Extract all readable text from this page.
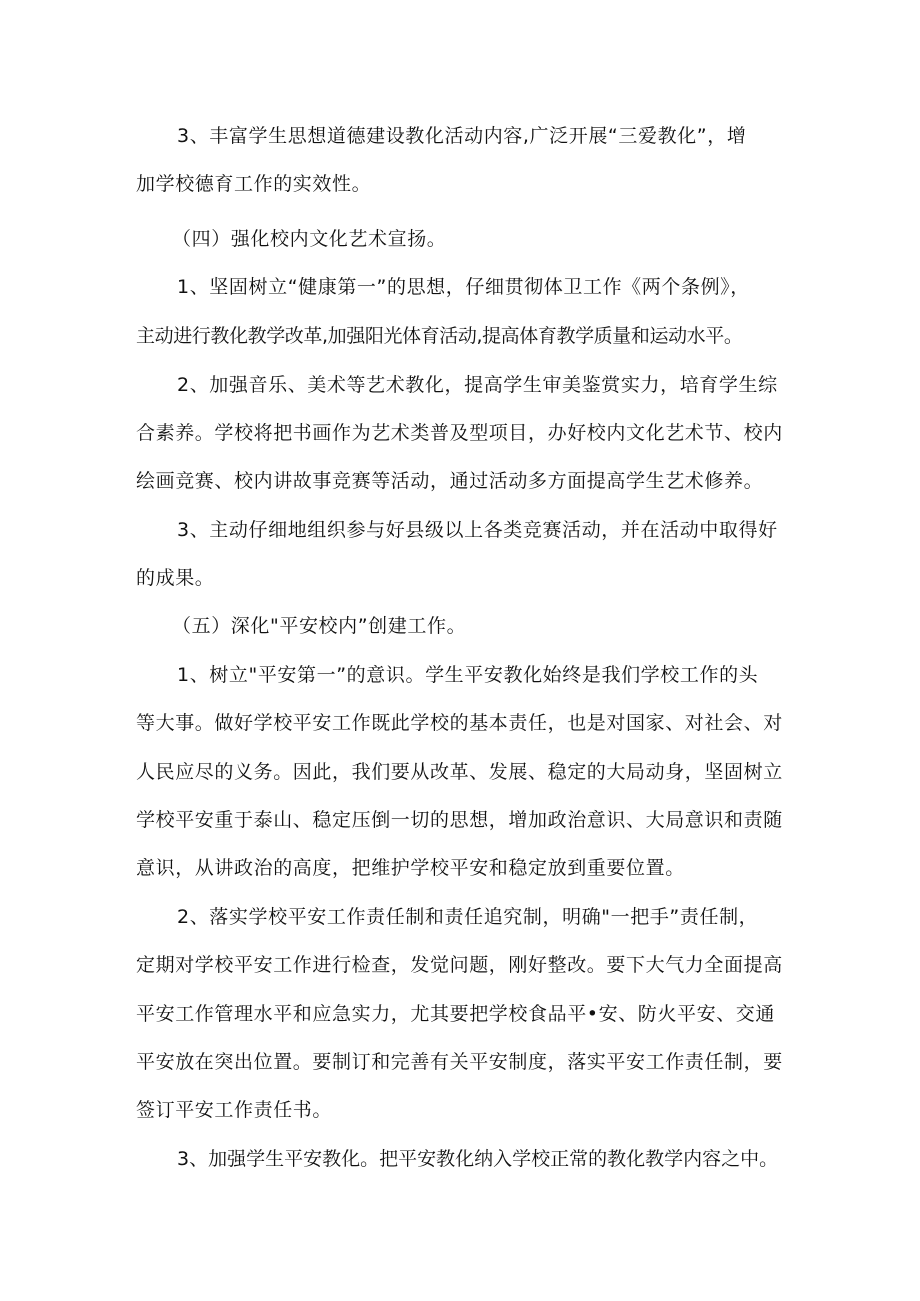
3、丰富学生思想道德建设教化活动内容,广泛开展“三爱教化”，增
加学校德育工作的实效性。
（四）强化校内文化艺术宣扬。
1、坚固树立“健康第一”的思想，仔细贯彻体卫工作《两个条例》，
主动进行教化教学改革,加强阳光体育活动,提高体育教学质量和运动水平。
2、加强音乐、美术等艺术教化，提高学生审美鉴赏实力，培育学生综
合素养。学校将把书画作为艺术类普及型项目，办好校内文化艺术节、校内
绘画竞赛、校内讲故事竞赛等活动，通过活动多方面提高学生艺术修养。
3、主动仔细地组织参与好县级以上各类竞赛活动，并在活动中取得好
的成果。
（五）深化"平安校内”创建工作。
1、树立"平安第一”的意识。学生平安教化始终是我们学校工作的头
等大事。做好学校平安工作既此学校的基本责任，也是对国家、对社会、对
人民应尽的义务。因此，我们要从改革、发展、稳定的大局动身，坚固树立
学校平安重于泰山、稳定压倒一切的思想，增加政治意识、大局意识和责随
意识，从讲政治的高度，把维护学校平安和稳定放到重要位置。
2、落实学校平安工作责任制和责任追究制，明确"一把手”责任制，
定期对学校平安工作进行检查，发觉问题，刚好整改。要下大气力全面提高
平安工作管理水平和应急实力，尤其要把学校食品平•安、防火平安、交通
平安放在突出位置。要制订和完善有关平安制度，落实平安工作责任制，要
签订平安工作责任书。
3、加强学生平安教化。把平安教化纳入学校正常的教化教学内容之中。
